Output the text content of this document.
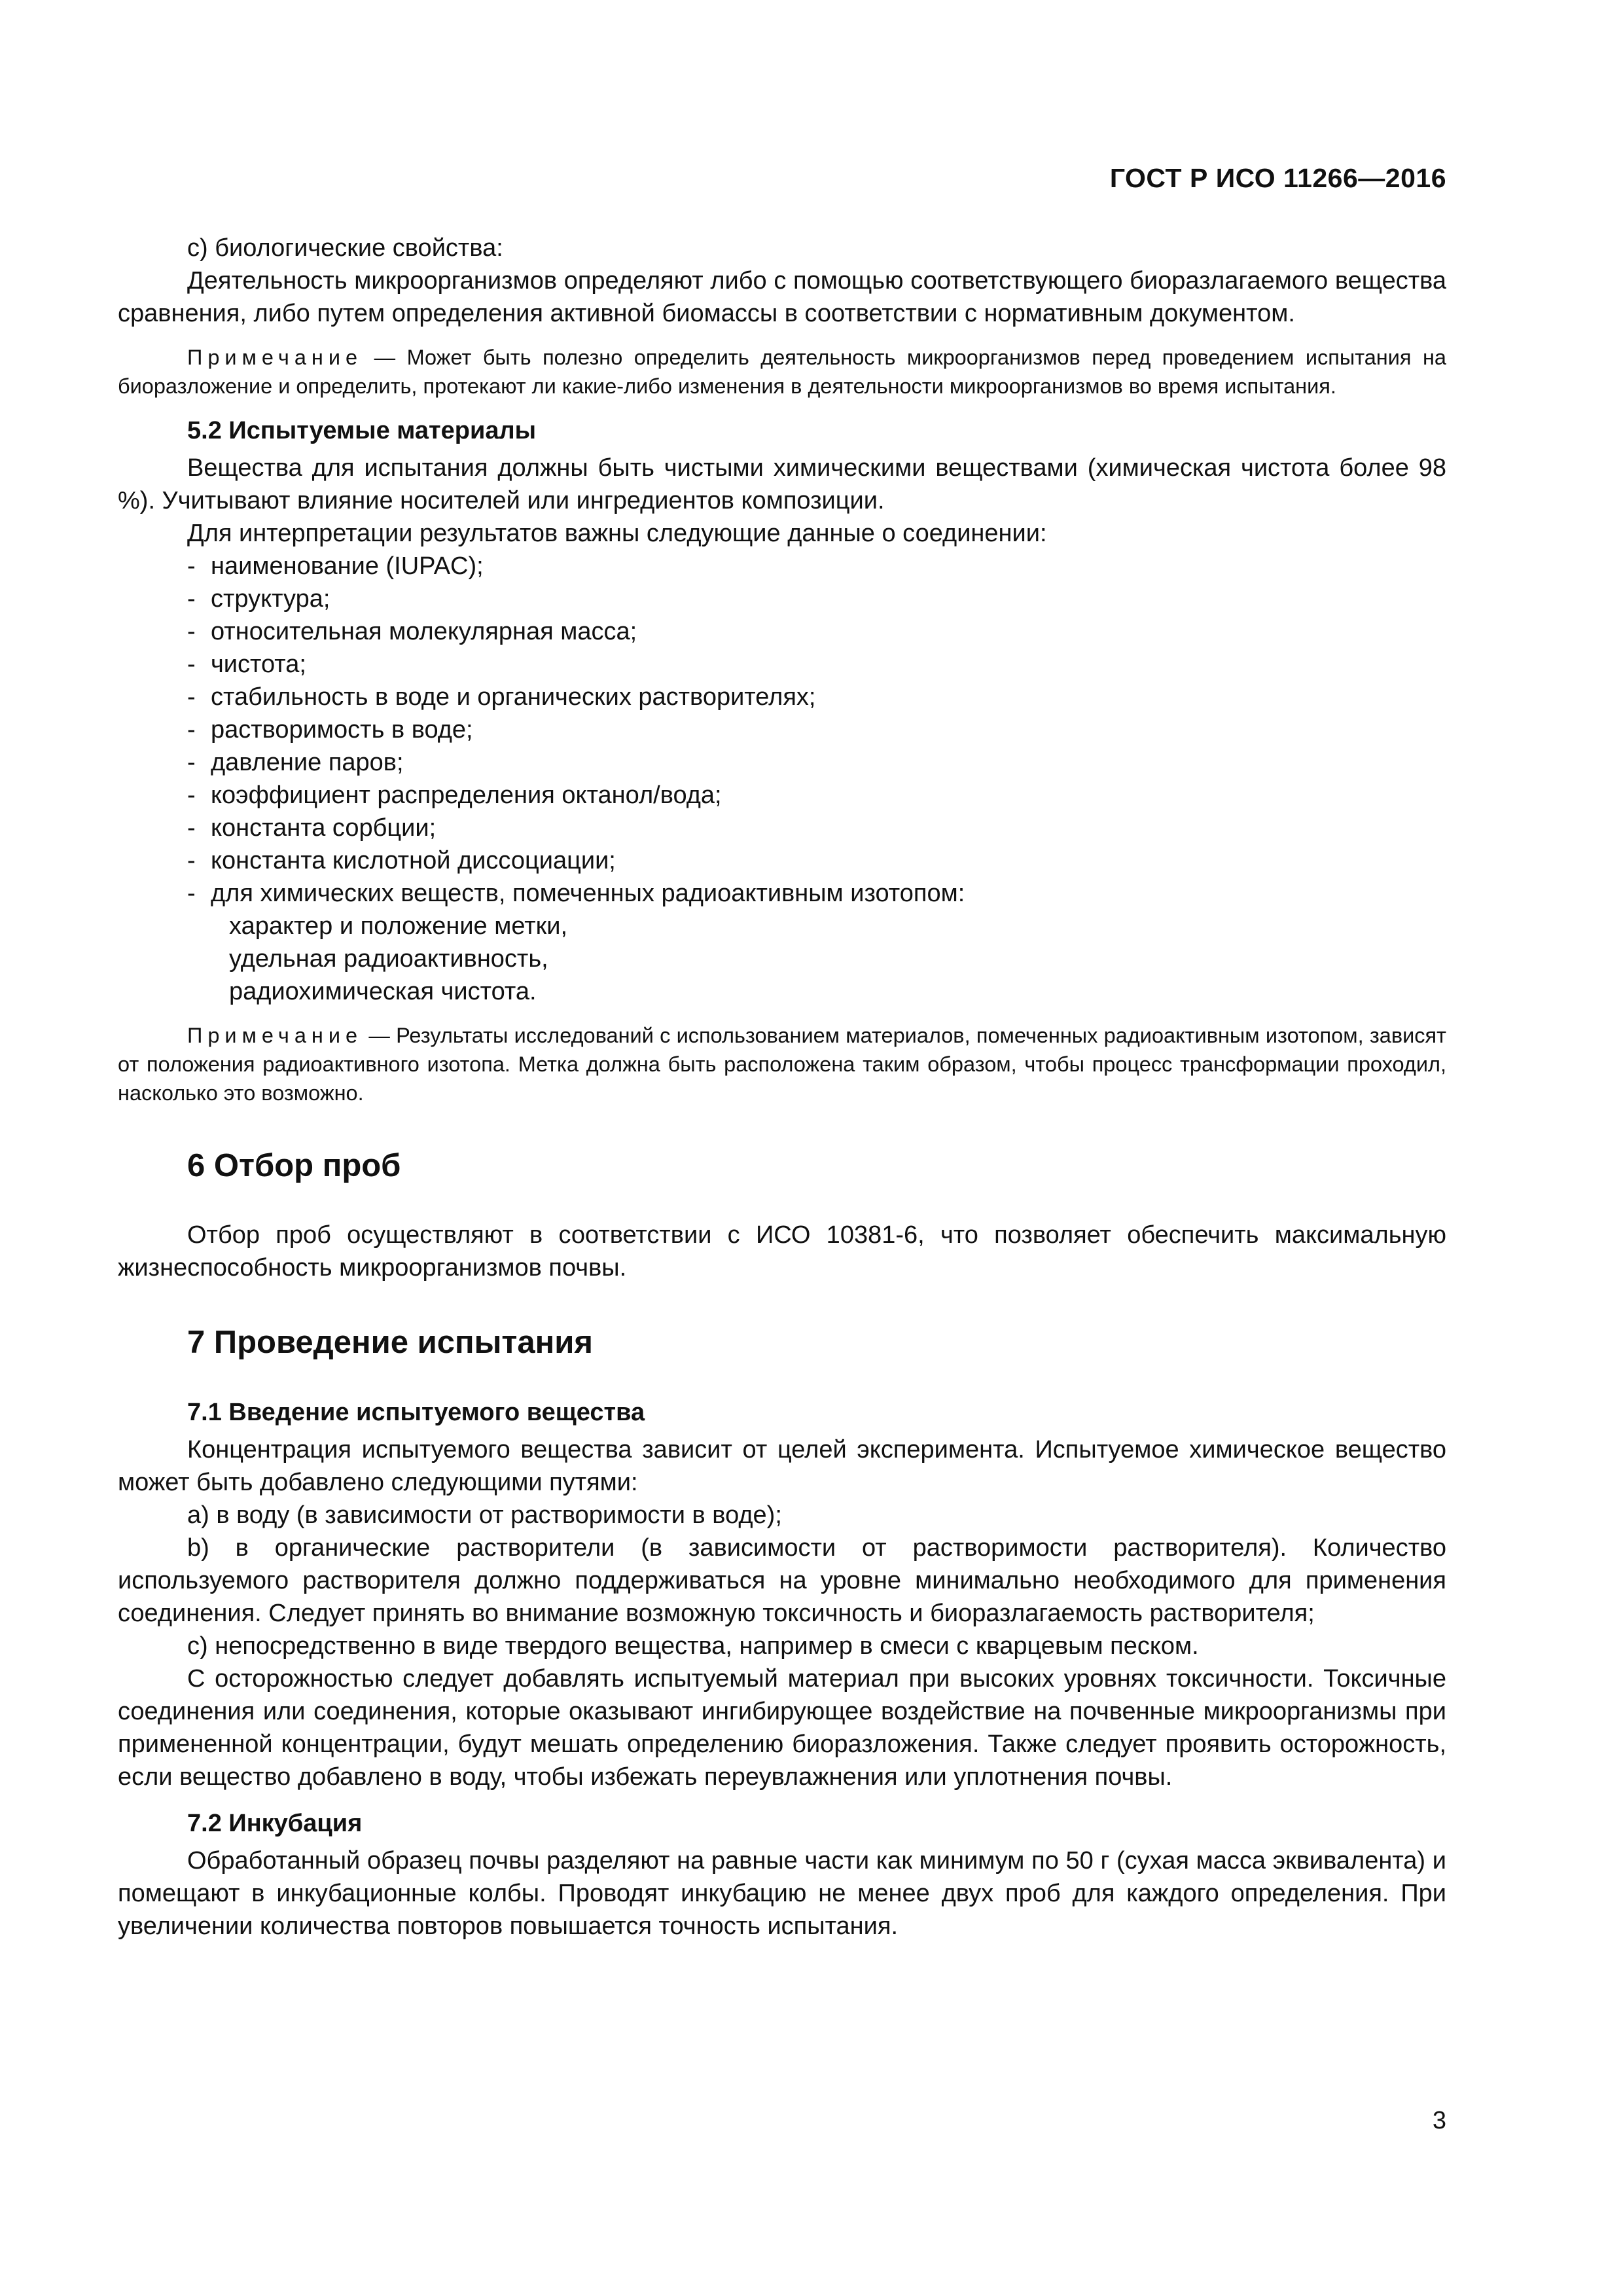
ГОСТ Р ИСО 11266—2016

c) биологические свойства:

Деятельность микроорганизмов определяют либо с помощью соответствующего биоразлагаемого вещества сравнения, либо путем определения активной биомассы в соответствии с нормативным документом.

Примечание — Может быть полезно определить деятельность микроорганизмов перед проведением испытания на биоразложение и определить, протекают ли какие-либо изменения в деятельности микроорганизмов во время испытания.

5.2 Испытуемые материалы

Вещества для испытания должны быть чистыми химическими веществами (химическая чистота более 98 %). Учитывают влияние носителей или ингредиентов композиции.

Для интерпретации результатов важны следующие данные о соединении:

- наименование (IUPAC);

- структура;

- относительная молекулярная масса;

- чистота;

- стабильность в воде и органических растворителях;

- растворимость в воде;

- давление паров;

- коэффициент распределения октанол/вода;

- константа сорбции;

- константа кислотной диссоциации;

- для химических веществ, помеченных радиоактивным изотопом:

характер и положение метки,

удельная радиоактивность,

радиохимическая чистота.

Примечание — Результаты исследований с использованием материалов, помеченных радиоактивным изотопом, зависят от положения радиоактивного изотопа. Метка должна быть расположена таким образом, чтобы процесс трансформации проходил, насколько это возможно.

6 Отбор проб

Отбор проб осуществляют в соответствии с ИСО 10381-6, что позволяет обеспечить максимальную жизнеспособность микроорганизмов почвы.

7 Проведение испытания
7.1 Введение испытуемого вещества

Концентрация испытуемого вещества зависит от целей эксперимента. Испытуемое химическое вещество может быть добавлено следующими путями:

a) в воду (в зависимости от растворимости в воде);

b) в органические растворители (в зависимости от растворимости растворителя). Количество используемого растворителя должно поддерживаться на уровне минимально необходимого для применения соединения. Следует принять во внимание возможную токсичность и биоразлагаемость растворителя;

c) непосредственно в виде твердого вещества, например в смеси с кварцевым песком.

С осторожностью следует добавлять испытуемый материал при высоких уровнях токсичности. Токсичные соединения или соединения, которые оказывают ингибирующее воздействие на почвенные микроорганизмы при примененной концентрации, будут мешать определению биоразложения. Также следует проявить осторожность, если вещество добавлено в воду, чтобы избежать переувлажнения или уплотнения почвы.

7.2 Инкубация

Обработанный образец почвы разделяют на равные части как минимум по 50 г (сухая масса эквивалента) и помещают в инкубационные колбы. Проводят инкубацию не менее двух проб для каждого определения. При увеличении количества повторов повышается точность испытания.

3
